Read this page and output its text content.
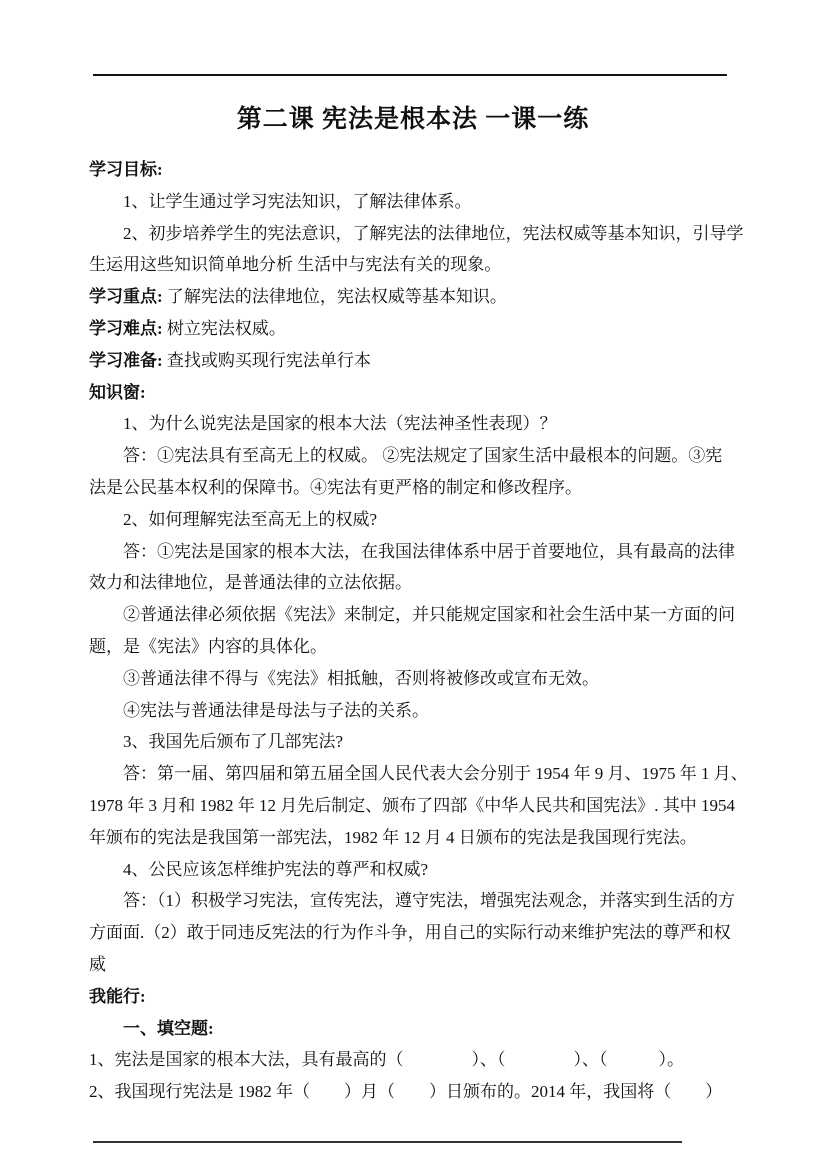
第二课 宪法是根本法 一课一练
学习目标:
1、让学生通过学习宪法知识，了解法律体系。
2、初步培养学生的宪法意识，了解宪法的法律地位，宪法权威等基本知识，引导学
生运用这些知识简单地分析 生活中与宪法有关的现象。
学习重点: 了解宪法的法律地位，宪法权威等基本知识。
学习难点: 树立宪法权威。
学习准备: 查找或购买现行宪法单行本
知识窗:
1、为什么说宪法是国家的根本大法（宪法神圣性表现）？
答：①宪法具有至高无上的权威。 ②宪法规定了国家生活中最根本的问题。③宪
法是公民基本权利的保障书。④宪法有更严格的制定和修改程序。
2、如何理解宪法至高无上的权威?
答：①宪法是国家的根本大法，在我国法律体系中居于首要地位，具有最高的法律
效力和法律地位，是普通法律的立法依据。
②普通法律必须依据《宪法》来制定，并只能规定国家和社会生活中某一方面的问
题，是《宪法》内容的具体化。
③普通法律不得与《宪法》相抵触，否则将被修改或宣布无效。
④宪法与普通法律是母法与子法的关系。
3、我国先后颁布了几部宪法?
答：第一届、第四届和第五届全国人民代表大会分别于 1954 年 9 月、1975 年 1 月、
1978 年 3 月和 1982 年 12 月先后制定、颁布了四部《中华人民共和国宪法》. 其中 1954
年颁布的宪法是我国第一部宪法，1982 年 12 月 4 日颁布的宪法是我国现行宪法。
4、公民应该怎样维护宪法的尊严和权威?
答：（1）积极学习宪法，宣传宪法，遵守宪法，增强宪法观念，并落实到生活的方
方面面.（2）敢于同违反宪法的行为作斗争，用自己的实际行动来维护宪法的尊严和权
威
我能行:
一、填空题:
1、宪法是国家的根本大法，具有最高的（　　　　）、（　　　　）、（　　　）。
2、我国现行宪法是 1982 年（　　）月（　　）日颁布的。2014 年，我国将（　　）
